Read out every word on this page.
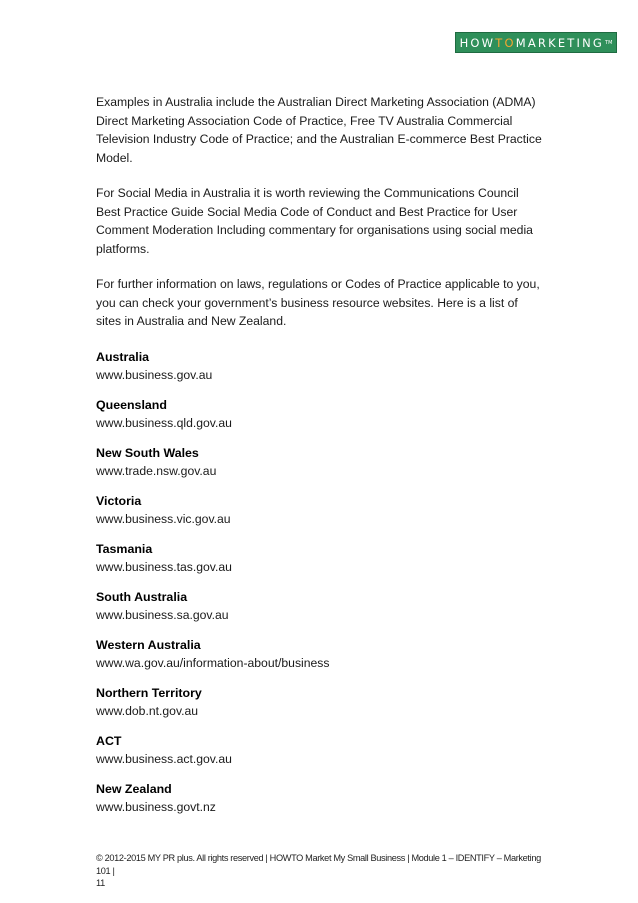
HOW TO MARKETING TM

Examples in Australia include the Australian Direct Marketing Association (ADMA) Direct Marketing Association Code of Practice, Free TV Australia Commercial Television Industry Code of Practice; and the Australian E-commerce Best Practice Model.

For Social Media in Australia it is worth reviewing the Communications Council Best Practice Guide Social Media Code of Conduct and Best Practice for User Comment Moderation Including commentary for organisations using social media platforms.

For further information on laws, regulations or Codes of Practice applicable to you, you can check your government’s business resource websites. Here is a list of sites in Australia and New Zealand.

Australia
www.business.gov.au
Queensland
www.business.qld.gov.au
New South Wales
www.trade.nsw.gov.au
Victoria
www.business.vic.gov.au
Tasmania
www.business.tas.gov.au
South Australia
www.business.sa.gov.au
Western Australia
www.wa.gov.au/information-about/business
Northern Territory
www.dob.nt.gov.au
ACT
www.business.act.gov.au
New Zealand
www.business.govt.nz
© 2012-2015 MY PR plus. All rights reserved | HOWTO Market My Small Business | Module 1 – IDENTIFY – Marketing 101 |
11
